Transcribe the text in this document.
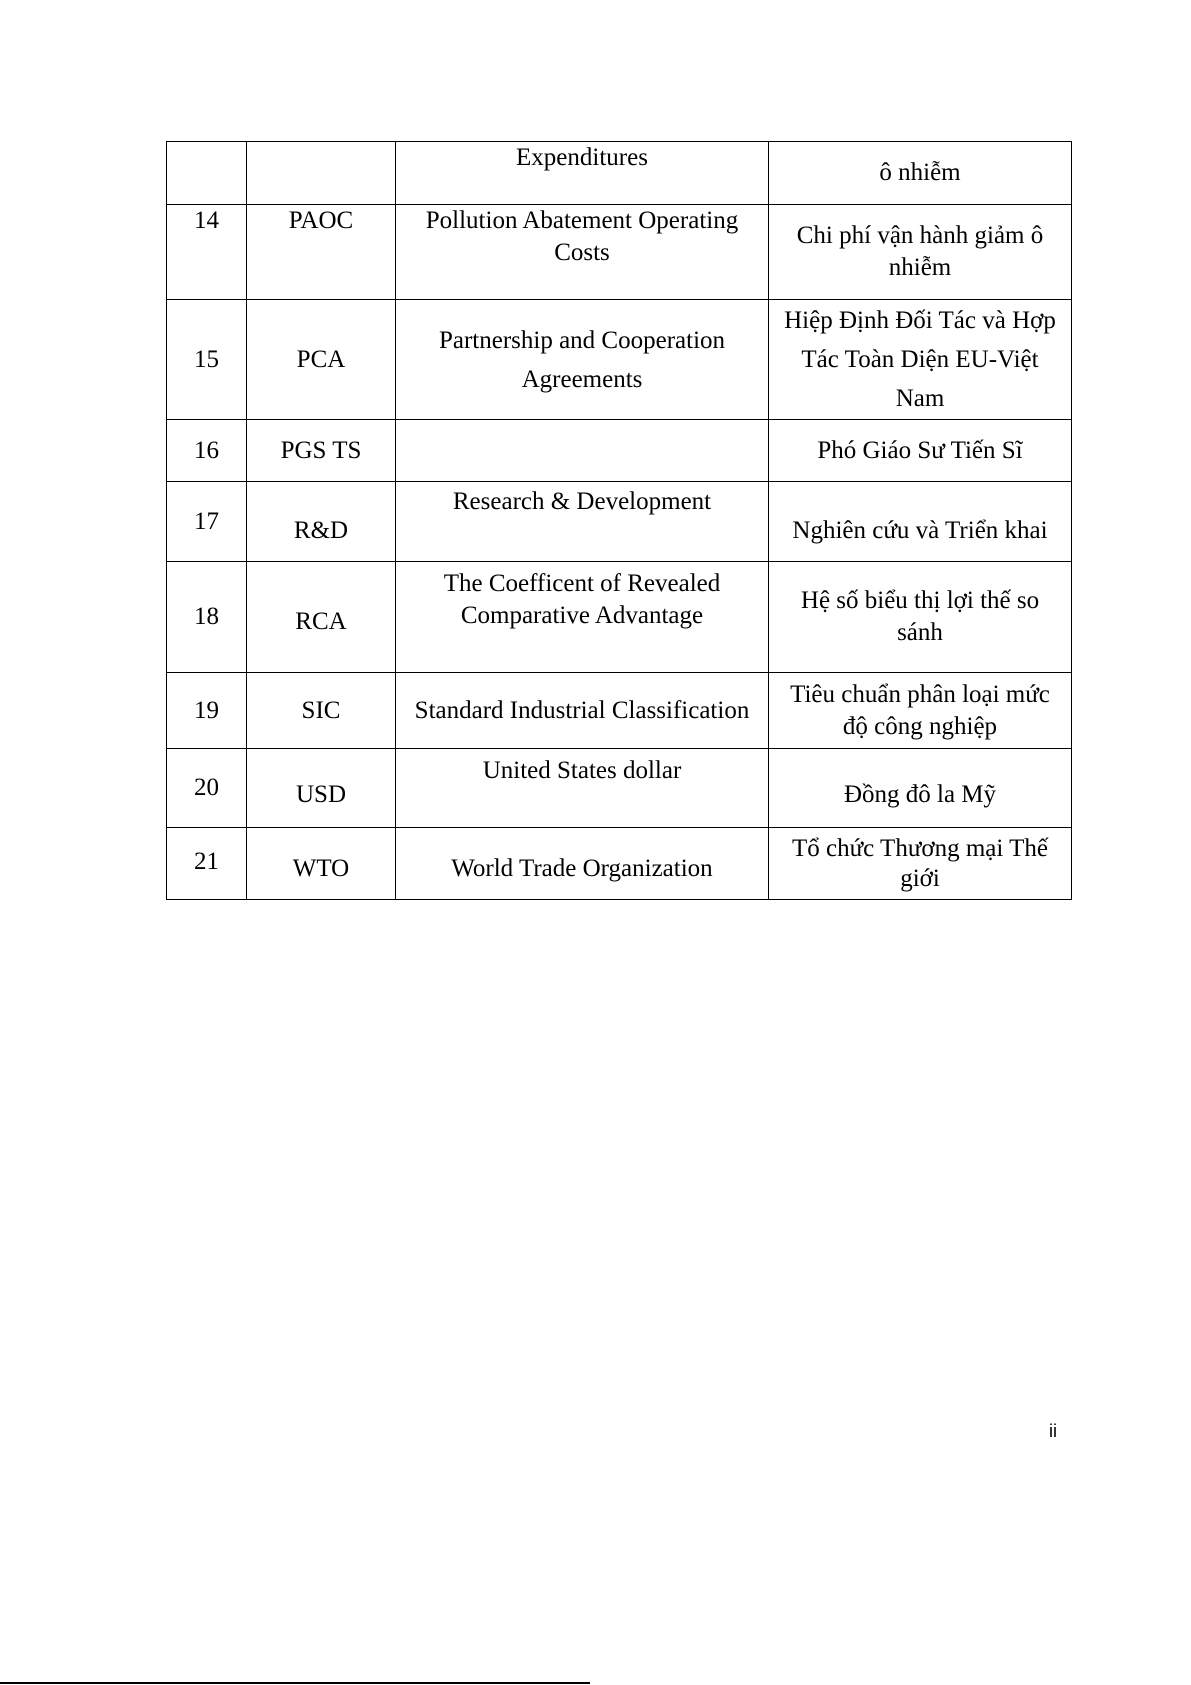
		Expenditures	ô nhiễm
14	PAOC	Pollution Abatement Operating Costs	Chi phí vận hành giảm ô nhiễm
15	PCA	Partnership and Cooperation Agreements	Hiệp Định Đối Tác và Hợp Tác Toàn Diện EU-Việt Nam
16	PGS TS		Phó Giáo Sư Tiến Sĩ
17	R&D	Research & Development	Nghiên cứu và Triển khai
18	RCA	The Coefficent of Revealed Comparative Advantage	Hệ số biểu thị lợi thế so sánh
19	SIC	Standard Industrial Classification	Tiêu chuẩn phân loại mức độ công nghiệp
20	USD	United States dollar	Đồng đô la Mỹ
21	WTO	World Trade Organization	Tổ chức Thương mại Thế giới
ii
